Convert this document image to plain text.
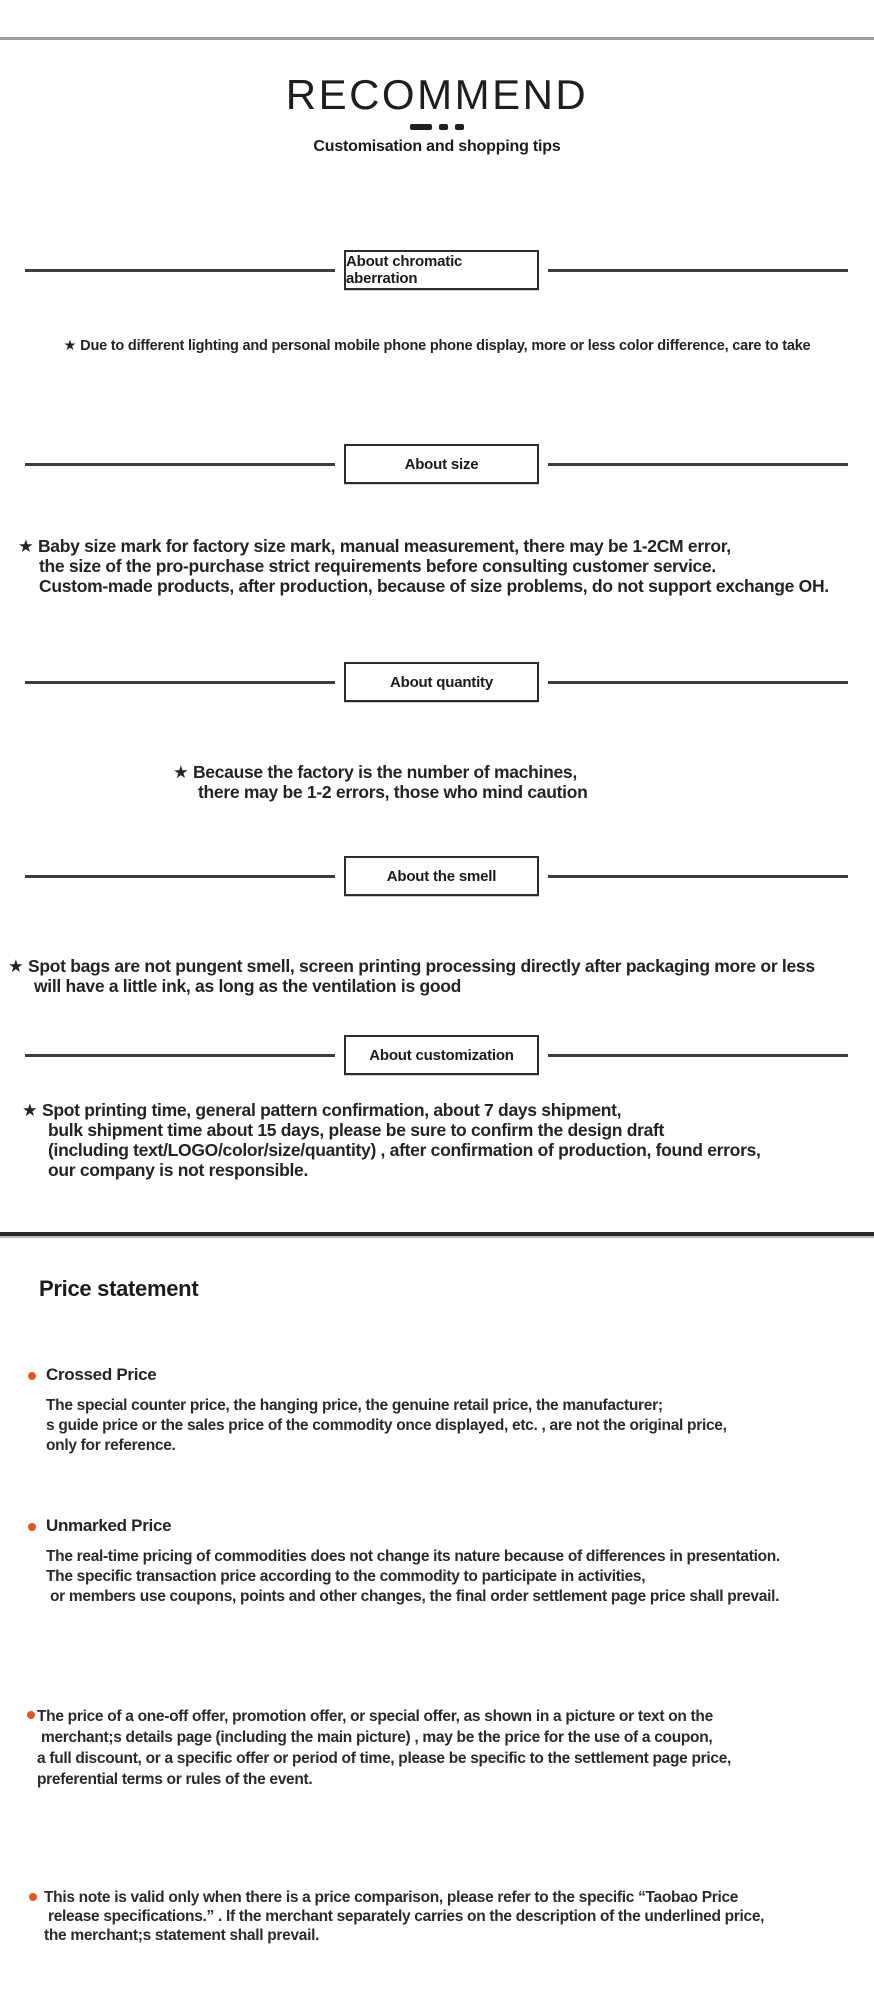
RECOMMEND
Customisation and shopping tips
About chromatic aberration
★ Due to different lighting and personal mobile phone phone display, more or less color difference, care to take
About size
★ Baby size mark for factory size mark, manual measurement, there may be 1-2CM error,
the size of the pro-purchase strict requirements before consulting customer service.
Custom-made products, after production, because of size problems, do not support exchange OH.
About quantity
★ Because the factory is the number of machines,
there may be 1-2 errors, those who mind caution
About the smell
★ Spot bags are not pungent smell, screen printing processing directly after packaging more or less
will have a little ink, as long as the ventilation is good
About customization
★ Spot printing time, general pattern confirmation, about 7 days shipment,
bulk shipment time about 15 days, please be sure to confirm the design draft
(including text/LOGO/color/size/quantity) , after confirmation of production, found errors,
our company is not responsible.
Price statement
Crossed Price
The special counter price, the hanging price, the genuine retail price, the manufacturer;
s guide price or the sales price of the commodity once displayed, etc. , are not the original price,
only for reference.
Unmarked Price
The real-time pricing of commodities does not change its nature because of differences in presentation.
The specific transaction price according to the commodity to participate in activities,
or members use coupons, points and other changes, the final order settlement page price shall prevail.
The price of a one-off offer, promotion offer, or special offer, as shown in a picture or text on the
merchant;s details page (including the main picture) , may be the price for the use of a coupon,
a full discount, or a specific offer or period of time, please be specific to the settlement page price,
preferential terms or rules of the event.
This note is valid only when there is a price comparison, please refer to the specific “Taobao Price
release specifications.” . If the merchant separately carries on the description of the underlined price,
the merchant;s statement shall prevail.
